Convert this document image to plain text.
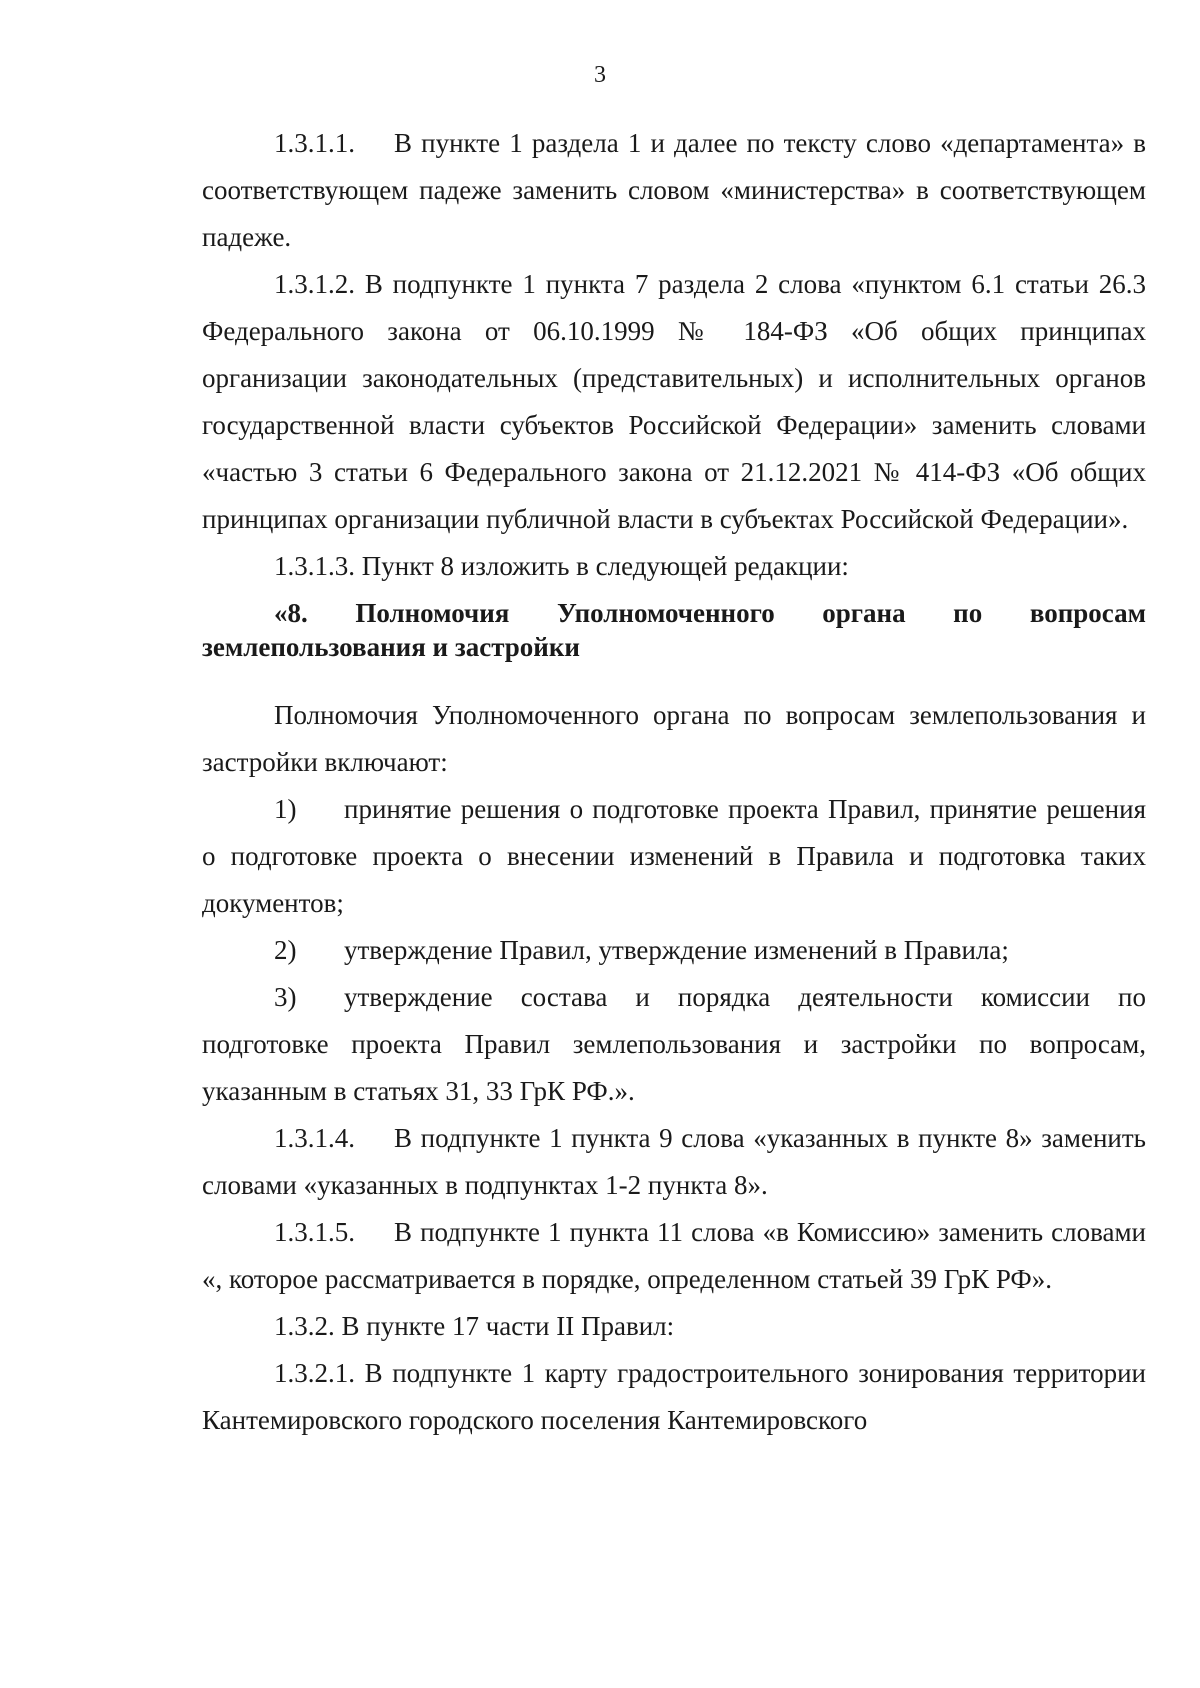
3

1.3.1.1. В пункте 1 раздела 1 и далее по тексту слово «департамента» в соответствующем падеже заменить словом «министерства» в соответствующем падеже.

1.3.1.2. В подпункте 1 пункта 7 раздела 2 слова «пунктом 6.1 статьи 26.3 Федерального закона от 06.10.1999 № 184-ФЗ «Об общих принципах организации законодательных (представительных) и исполнительных органов государственной власти субъектов Российской Федерации» заменить словами «частью 3 статьи 6 Федерального закона от 21.12.2021 № 414-ФЗ «Об общих принципах организации публичной власти в субъектах Российской Федерации».

1.3.1.3. Пункт 8 изложить в следующей редакции:

«8. Полномочия Уполномоченного органа по вопросам землепользования и застройки

Полномочия Уполномоченного органа по вопросам землепользования и застройки включают:

1) принятие решения о подготовке проекта Правил, принятие решения о подготовке проекта о внесении изменений в Правила и подготовка таких документов;

2) утверждение Правил, утверждение изменений в Правила;

3) утверждение состава и порядка деятельности комиссии по подготовке проекта Правил землепользования и застройки по вопросам, указанным в статьях 31, 33 ГрК РФ.».

1.3.1.4. В подпункте 1 пункта 9 слова «указанных в пункте 8» заменить словами «указанных в подпунктах 1-2 пункта 8».

1.3.1.5. В подпункте 1 пункта 11 слова «в Комиссию» заменить словами «, которое рассматривается в порядке, определенном статьей 39 ГрК РФ».

1.3.2. В пункте 17 части II Правил:

1.3.2.1. В подпункте 1 карту градостроительного зонирования территории Кантемировского городского поселения Кантемировского
